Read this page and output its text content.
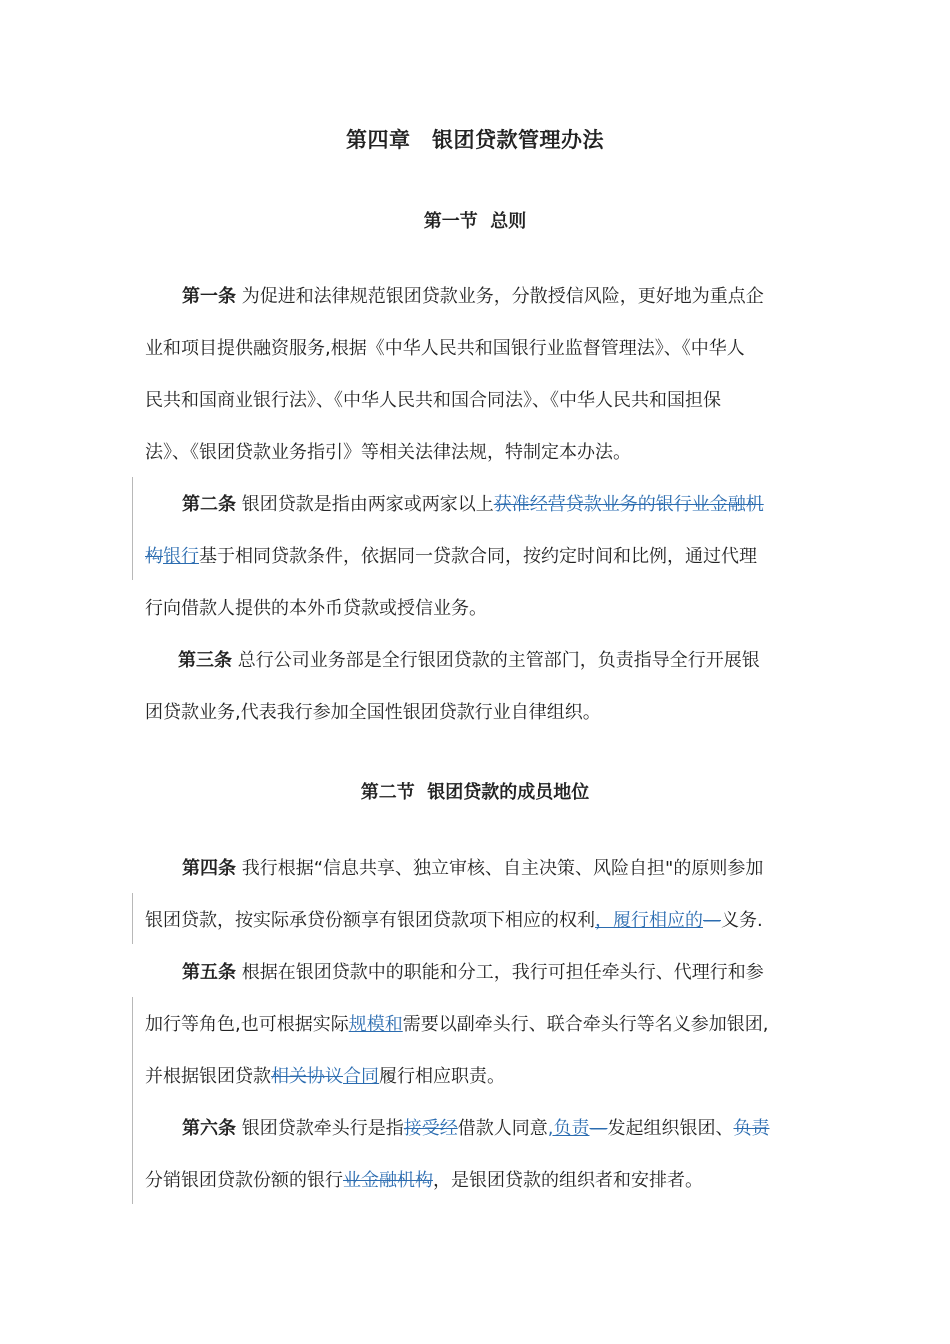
第四章　银团贷款管理办法
第一节  总则
第一条 为促进和法律规范银团贷款业务，分散授信风险，更好地为重点企
业和项目提供融资服务,根据《中华人民共和国银行业监督管理法》、《中华人
民共和国商业银行法》、《中华人民共和国合同法》、《中华人民共和国担保
法》、《银团贷款业务指引》等相关法律法规，特制定本办法。
第二条 银团贷款是指由两家或两家以上获准经营贷款业务的银行业金融机
构银行基于相同贷款条件，依据同一贷款合同，按约定时间和比例，通过代理
行向借款人提供的本外币贷款或授信业务。
第三条 总行公司业务部是全行银团贷款的主管部门，负责指导全行开展银
团贷款业务,代表我行参加全国性银团贷款行业自律组织。
第二节  银团贷款的成员地位
第四条 我行根据“信息共享、独立审核、自主决策、风险自担"的原则参加
银团贷款，按实际承贷份额享有银团贷款项下相应的权利，履行相应的—义务.
第五条 根据在银团贷款中的职能和分工，我行可担任牵头行、代理行和参
加行等角色,也可根据实际规模和需要以副牵头行、联合牵头行等名义参加银团,
并根据银团贷款相关协议合同履行相应职责。
第六条 银团贷款牵头行是指接受经借款人同意,负责—发起组织银团、负责
分销银团贷款份额的银行业金融机构，是银团贷款的组织者和安排者。
